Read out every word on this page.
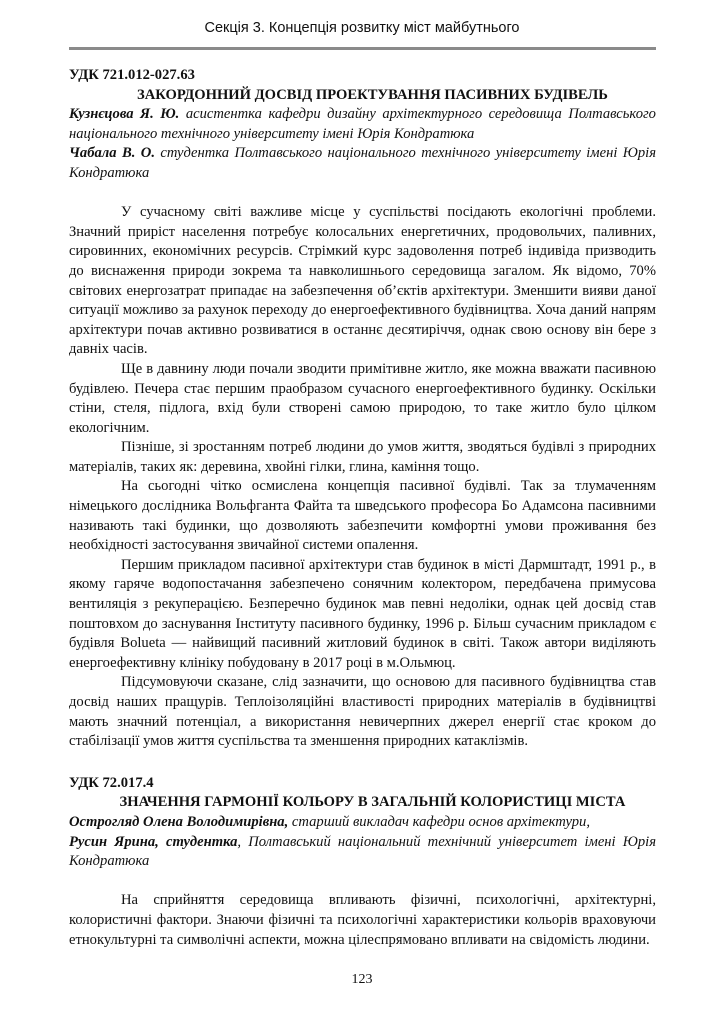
Секція 3. Концепція розвитку міст майбутнього

УДК 721.012-027.63

ЗАКОРДОННИЙ ДОСВІД ПРОЕКТУВАННЯ ПАСИВНИХ БУДІВЕЛЬ

Кузнєцова Я. Ю. асистентка кафедри дизайну архітектурного середовища Полтавського національного технічного університету імені Юрія Кондратюка

Чабала В. О. студентка Полтавського національного технічного університету імені Юрія Кондратюка

У сучасному світі важливе місце у суспільстві посідають екологічні проблеми. Значний приріст населення потребує колосальних енергетичних, продовольчих, паливних, сировинних, економічних ресурсів. Стрімкий курс задоволення потреб індивіда призводить до виснаження природи зокрема та навколишнього середовища загалом. Як відомо, 70% світових енергозатрат припадає на забезпечення об’єктів архітектури. Зменшити вияви даної ситуації можливо за рахунок переходу до енергоефективного будівництва. Хоча даний напрям архітектури почав активно розвиватися в останнє десятиріччя, однак свою основу він бере з давніх часів.

Ще в давнину люди почали зводити примітивне житло, яке можна вважати пасивною будівлею. Печера стає першим праобразом сучасного енергоефективного будинку. Оскільки стіни, стеля, підлога, вхід були створені самою природою, то таке житло було цілком екологічним.

Пізніше, зі зростанням потреб людини до умов життя, зводяться будівлі з природних матеріалів, таких як: деревина, хвойні гілки, глина, каміння тощо.

На сьогодні чітко осмислена концепція пасивної будівлі. Так за тлумаченням німецького дослідника Вольфганта Файта та шведського професора Бо Адамсона пасивними називають такі будинки, що дозволяють забезпечити комфортні умови проживання без необхідності застосування звичайної системи опалення.

Першим прикладом пасивної архітектури став будинок в місті Дармштадт, 1991 р., в якому гаряче водопостачання забезпечено сонячним колектором, передбачена примусова вентиляція з рекуперацією. Безперечно будинок мав певні недоліки, однак цей досвід став поштовхом до заснування Інституту пасивного будинку, 1996 р. Більш сучасним прикладом є будівля Bolueta — найвищий пасивний житловий будинок в світі. Також автори виділяють енергоефективну клініку побудовану в 2017 році в м.Ольмюц.

Підсумовуючи сказане, слід зазначити, що основою для пасивного будівництва став досвід наших пращурів. Теплоізоляційні властивості природних матеріалів в будівництві мають значний потенціал, а використання невичерпних джерел енергії стає кроком до стабілізації умов життя суспільства та зменшення природних катаклізмів.

УДК 72.017.4

ЗНАЧЕННЯ ГАРМОНІЇ КОЛЬОРУ В ЗАГАЛЬНІЙ КОЛОРИСТИЦІ МІСТА

Острогляд Олена Володимирівна, старший викладач кафедри основ архітектури,

Русин Ярина, студентка, Полтавський національний технічний університет імені Юрія Кондратюка

На сприйняття середовища впливають фізичні, психологічні, архітектурні, колористичні фактори. Знаючи фізичні та психологічні характеристики кольорів враховуючи етнокультурні та символічні аспекти, можна цілеспрямовано впливати на свідомість людини.

123
